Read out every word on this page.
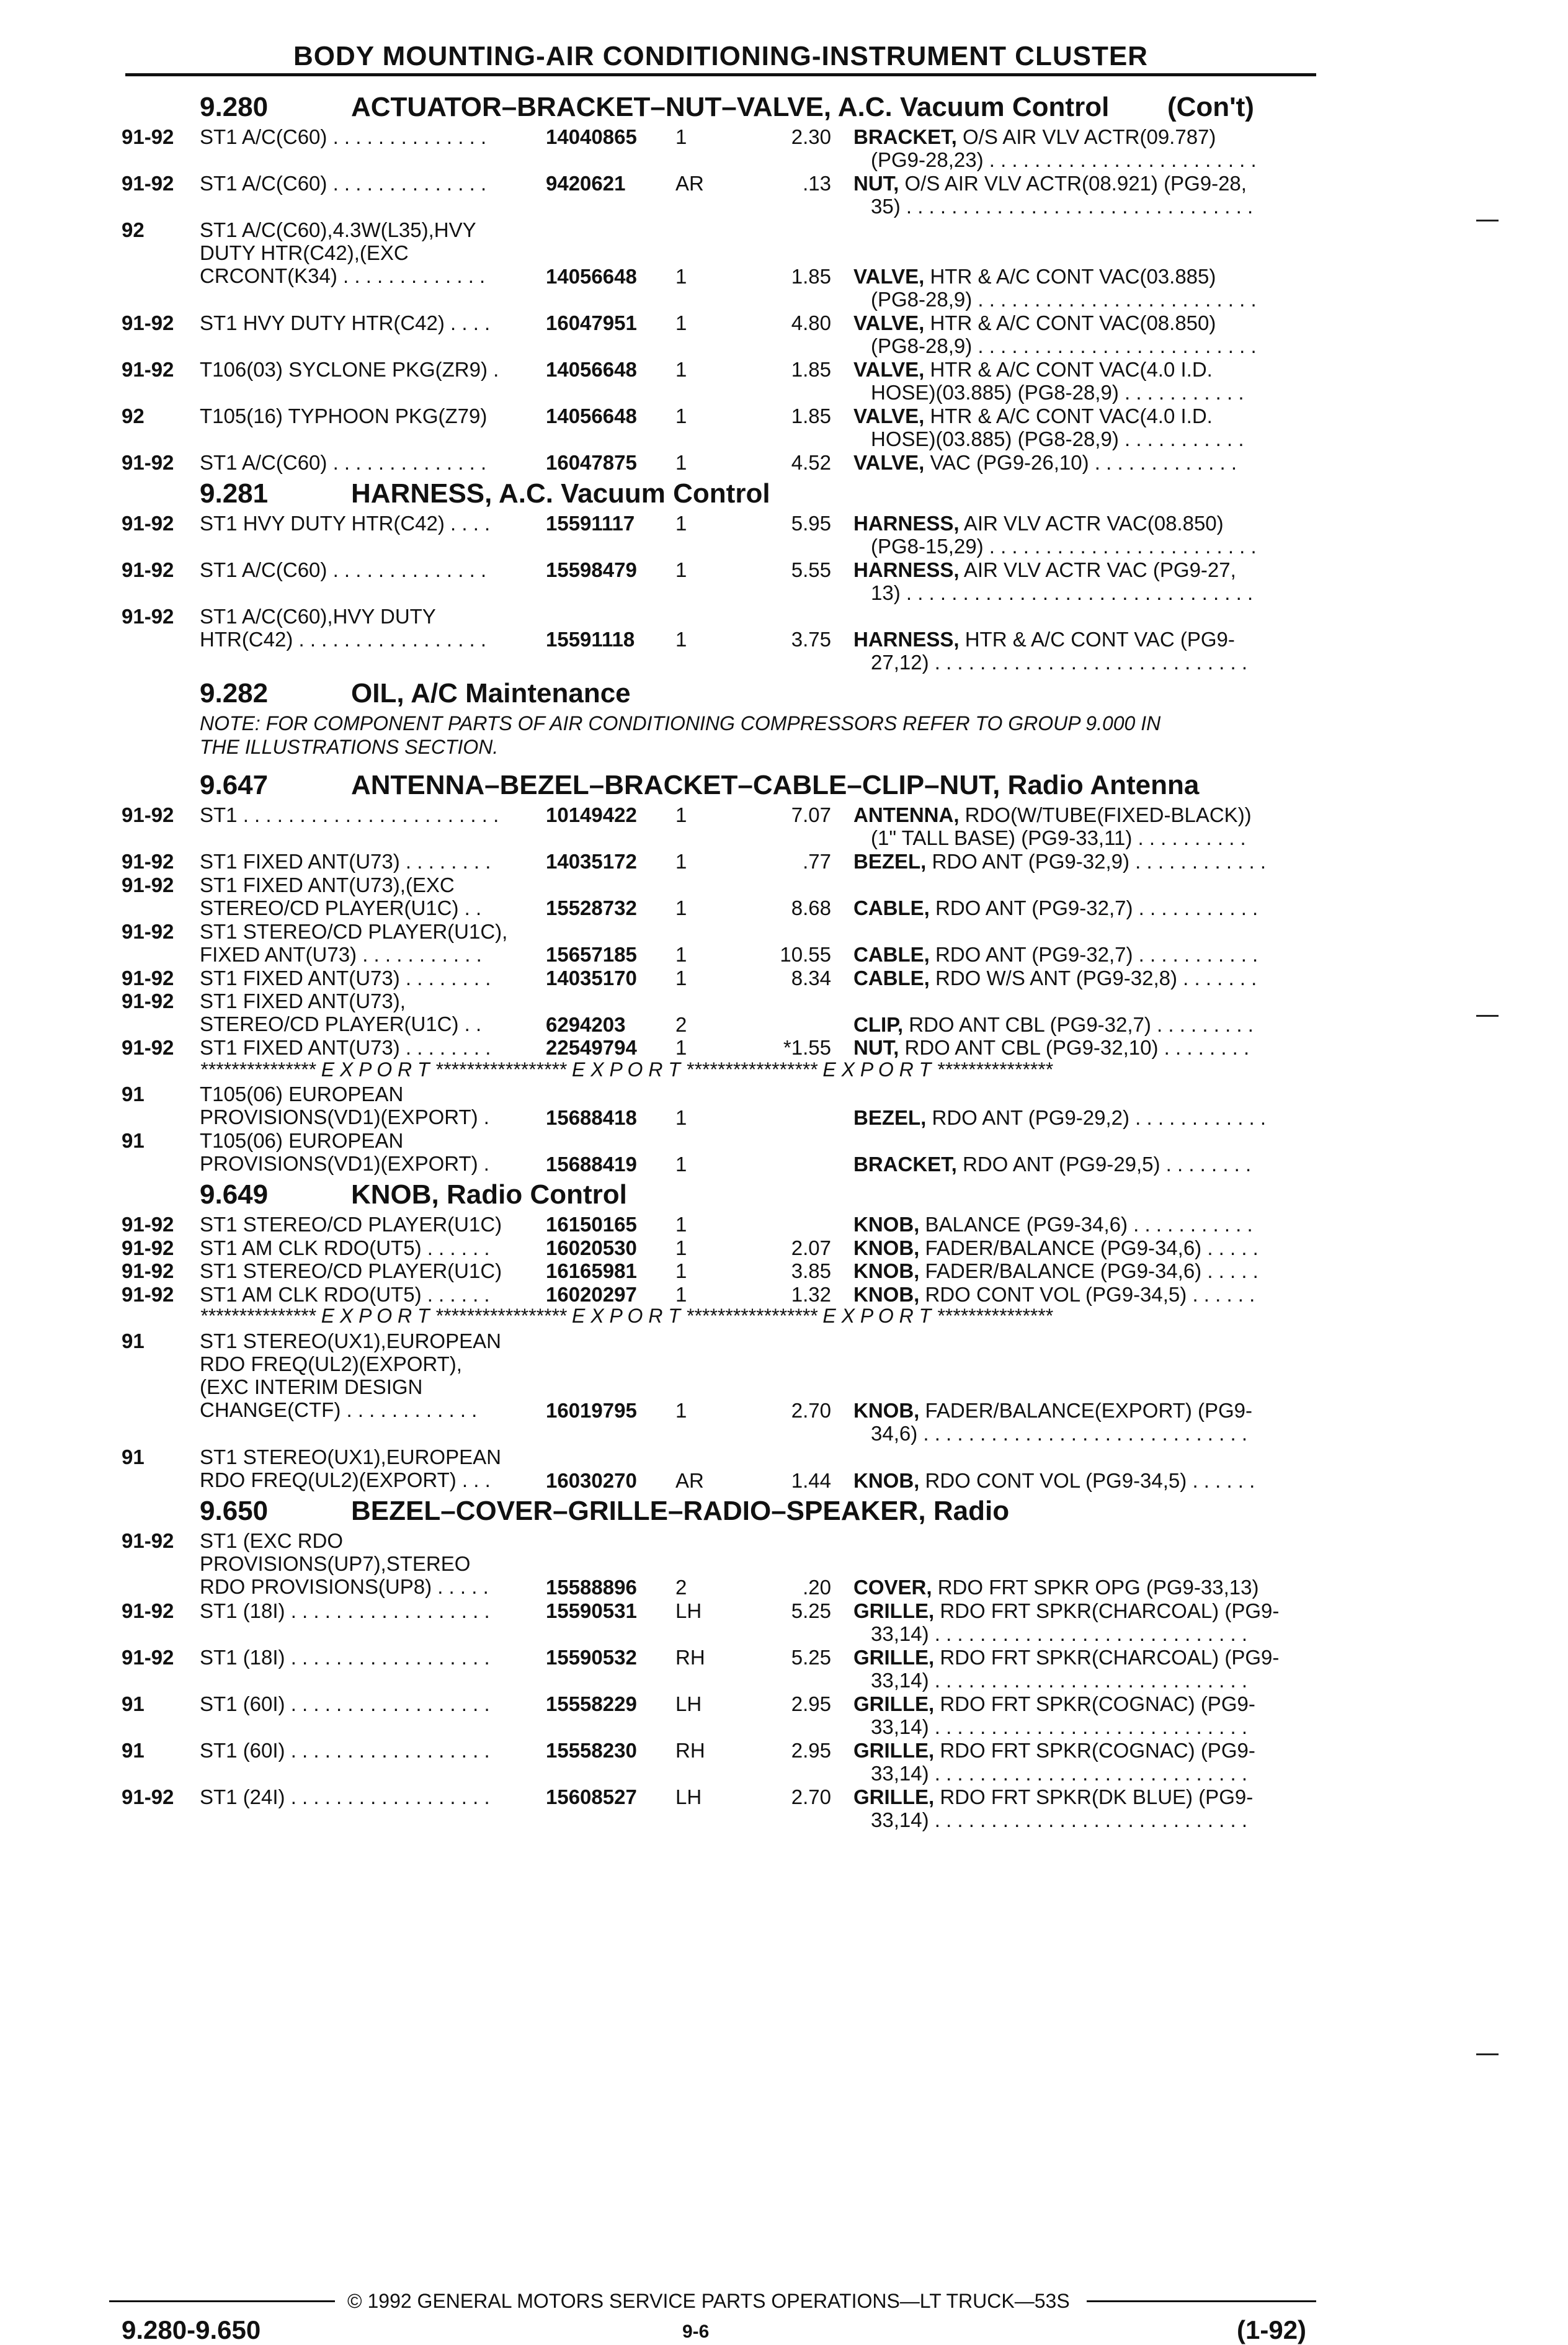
BODY MOUNTING-AIR CONDITIONING-INSTRUMENT CLUSTER
9.280	ACTUATOR–BRACKET–NUT–VALVE, A.C. Vacuum Control (Con't)
91-92 ST1 A/C(C60) . . . . . . . . . . . . . .	14040865 1	2.30 BRACKET, O/S AIR VLV ACTR(09.787)
(PG9-28,23) . . . . . . . . . . . . . . . . . . . . . . . .
91-92 ST1 A/C(C60) . . . . . . . . . . . . . .	9420621 AR	.13 NUT, O/S AIR VLV ACTR(08.921) (PG9-28,
35) . . . . . . . . . . . . . . . . . . . . . . . . . . . . . . .
92	ST1 A/C(C60),4.3W(L35),HVY
DUTY HTR(C42),(EXC
CRCONT(K34) . . . . . . . . . . . . .	14056648 1	1.85 VALVE, HTR & A/C CONT VAC(03.885)
(PG8-28,9) . . . . . . . . . . . . . . . . . . . . . . . . .
91-92 ST1 HVY DUTY HTR(C42) . . . .	16047951 1	4.80 VALVE, HTR & A/C CONT VAC(08.850)
(PG8-28,9) . . . . . . . . . . . . . . . . . . . . . . . . .
91-92 T106(03) SYCLONE PKG(ZR9) . 14056648 1	1.85 VALVE, HTR & A/C CONT VAC(4.0 I.D.
HOSE)(03.885) (PG8-28,9) . . . . . . . . . . .
92	T105(16) TYPHOON PKG(Z79)	14056648 1	1.85 VALVE, HTR & A/C CONT VAC(4.0 I.D.
HOSE)(03.885) (PG8-28,9) . . . . . . . . . . .
91-92 ST1 A/C(C60) . . . . . . . . . . . . . .	16047875 1	4.52 VALVE, VAC (PG9-26,10) . . . . . . . . . . . . .
9.281	HARNESS, A.C. Vacuum Control
91-92 ST1 HVY DUTY HTR(C42) . . . .	15591117 1	5.95 HARNESS, AIR VLV ACTR VAC(08.850)
(PG8-15,29) . . . . . . . . . . . . . . . . . . . . . . . .
91-92 ST1 A/C(C60) . . . . . . . . . . . . . .	15598479 1	5.55 HARNESS, AIR VLV ACTR VAC (PG9-27,
13) . . . . . . . . . . . . . . . . . . . . . . . . . . . . . . .
91-92 ST1 A/C(C60),HVY DUTY
HTR(C42) . . . . . . . . . . . . . . . . .	15591118 1	3.75 HARNESS, HTR & A/C CONT VAC (PG9-
27,12) . . . . . . . . . . . . . . . . . . . . . . . . . . . .
9.282	OIL, A/C Maintenance
NOTE: FOR COMPONENT PARTS OF AIR CONDITIONING COMPRESSORS REFER TO GROUP 9.000 IN
THE ILLUSTRATIONS SECTION.
9.647	ANTENNA–BEZEL–BRACKET–CABLE–CLIP–NUT, Radio Antenna
91-92 ST1 . . . . . . . . . . . . . . . . . . . . . . . 10149422 1	7.07 ANTENNA, RDO(W/TUBE(FIXED-BLACK))
(1" TALL BASE) (PG9-33,11) . . . . . . . . . .
91-92 ST1 FIXED ANT(U73) . . . . . . . .	14035172 1	.77 BEZEL, RDO ANT (PG9-32,9) . . . . . . . . . . . .
91-92 ST1 FIXED ANT(U73),(EXC
STEREO/CD PLAYER(U1C) . .	15528732 1	8.68 CABLE, RDO ANT (PG9-32,7) . . . . . . . . . . .
91-92 ST1 STEREO/CD PLAYER(U1C),
FIXED ANT(U73) . . . . . . . . . . .	15657185 1	10.55 CABLE, RDO ANT (PG9-32,7) . . . . . . . . . . .
91-92 ST1 FIXED ANT(U73) . . . . . . . .	14035170 1	8.34 CABLE, RDO W/S ANT (PG9-32,8) . . . . . . .
91-92 ST1 FIXED ANT(U73),
STEREO/CD PLAYER(U1C) . .	6294203 2	CLIP, RDO ANT CBL (PG9-32,7) . . . . . . . . .
91-92 ST1 FIXED ANT(U73) . . . . . . . .	22549794 1	*1.55 NUT, RDO ANT CBL (PG9-32,10) . . . . . . . .
*************** E X P O R T ***************** E X P O R T ***************** E X P O R T ***************
91	T105(06) EUROPEAN
PROVISIONS(VD1)(EXPORT) .	15688418 1	BEZEL, RDO ANT (PG9-29,2) . . . . . . . . . . . .
91	T105(06) EUROPEAN
PROVISIONS(VD1)(EXPORT) .	15688419 1	BRACKET, RDO ANT (PG9-29,5) . . . . . . . .
9.649	KNOB, Radio Control
91-92 ST1 STEREO/CD PLAYER(U1C) 16150165 1	KNOB, BALANCE (PG9-34,6) . . . . . . . . . . .
91-92 ST1 AM CLK RDO(UT5) . . . . . .	16020530 1	2.07 KNOB, FADER/BALANCE (PG9-34,6) . . . . .
91-92 ST1 STEREO/CD PLAYER(U1C) 16165981 1	3.85 KNOB, FADER/BALANCE (PG9-34,6) . . . . .
91-92 ST1 AM CLK RDO(UT5) . . . . . .	16020297 1	1.32 KNOB, RDO CONT VOL (PG9-34,5) . . . . . .
*************** E X P O R T ***************** E X P O R T ***************** E X P O R T ***************
91	ST1 STEREO(UX1),EUROPEAN
RDO FREQ(UL2)(EXPORT),
(EXC INTERIM DESIGN
CHANGE(CTF) . . . . . . . . . . . .	16019795 1	2.70 KNOB, FADER/BALANCE(EXPORT) (PG9-
34,6) . . . . . . . . . . . . . . . . . . . . . . . . . . . . .
91	ST1 STEREO(UX1),EUROPEAN
RDO FREQ(UL2)(EXPORT) . . .	16030270 AR	1.44 KNOB, RDO CONT VOL (PG9-34,5) . . . . . .
9.650	BEZEL–COVER–GRILLE–RADIO–SPEAKER, Radio
91-92 ST1 (EXC RDO
PROVISIONS(UP7),STEREO
RDO PROVISIONS(UP8) . . . . .	15588896 2	.20 COVER, RDO FRT SPKR OPG (PG9-33,13)
91-92 ST1 (18I) . . . . . . . . . . . . . . . . . .	15590531 LH	5.25 GRILLE, RDO FRT SPKR(CHARCOAL) (PG9-
33,14) . . . . . . . . . . . . . . . . . . . . . . . . . . . .
91-92 ST1 (18I) . . . . . . . . . . . . . . . . . .	15590532 RH	5.25 GRILLE, RDO FRT SPKR(CHARCOAL) (PG9-
33,14) . . . . . . . . . . . . . . . . . . . . . . . . . . . .
91	ST1 (60I) . . . . . . . . . . . . . . . . . .	15558229 LH	2.95 GRILLE, RDO FRT SPKR(COGNAC) (PG9-
33,14) . . . . . . . . . . . . . . . . . . . . . . . . . . . .
91	ST1 (60I) . . . . . . . . . . . . . . . . . .	15558230 RH	2.95 GRILLE, RDO FRT SPKR(COGNAC) (PG9-
33,14) . . . . . . . . . . . . . . . . . . . . . . . . . . . .
91-92 ST1 (24I) . . . . . . . . . . . . . . . . . .	15608527 LH	2.70 GRILLE, RDO FRT SPKR(DK BLUE) (PG9-
33,14) . . . . . . . . . . . . . . . . . . . . . . . . . . . .
© 1992 GENERAL MOTORS SERVICE PARTS OPERATIONS—LT TRUCK—53S
9.280-9.650	9-6	(1-92)
